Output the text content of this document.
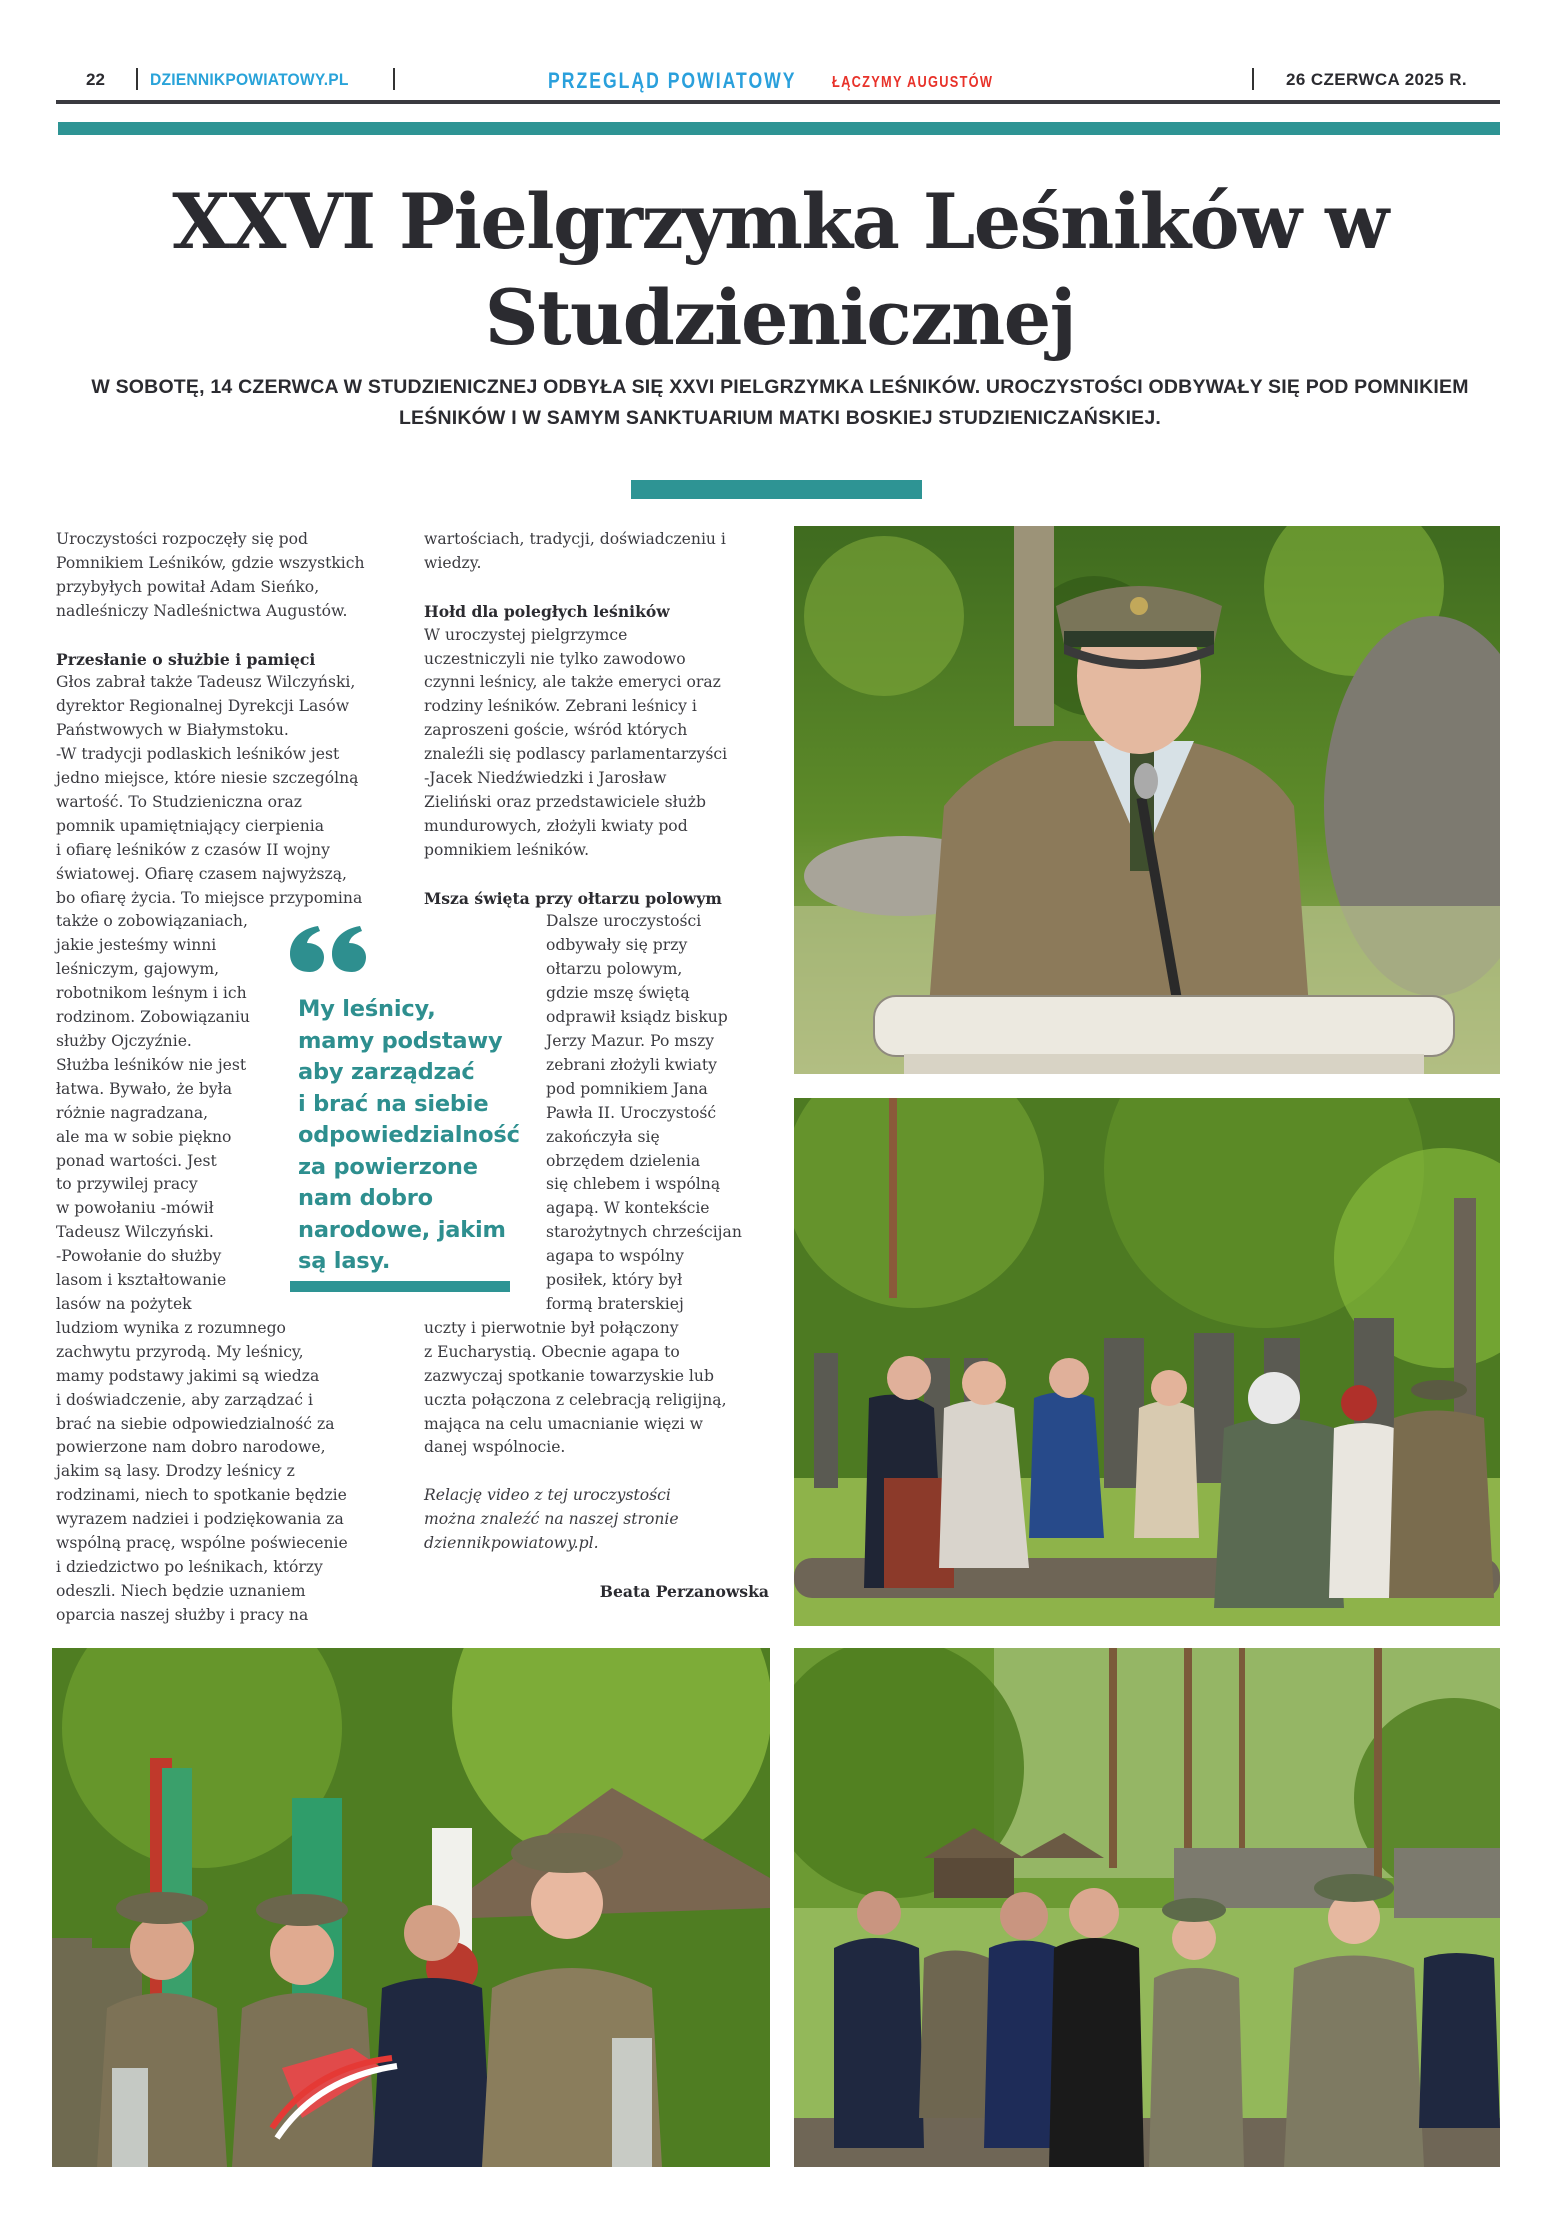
22	DZIENNIKPOWIATOWY.PL	PRZEGLĄD POWIATOWY ŁĄCZYMY AUGUSTÓW	26 CZERWCA 2025 R.
XXVI Pielgrzymka Leśników w
Studzienicznej
W SOBOTĘ, 14 CZERWCA W STUDZIENICZNEJ ODBYŁA SIĘ XXVI PIELGRZYMKA LEŚNIKÓW. UROCZYSTOŚCI ODBYWAŁY SIĘ POD POMNIKIEM
LEŚNIKÓW I W SAMYM SANKTUARIUM MATKI BOSKIEJ STUDZIENICZAŃSKIEJ.

Uroczystości rozpoczęły się pod

Pomnikiem Leśników, gdzie wszystkich

przybyłych powitał Adam Sieńko,

nadleśniczy Nadleśnictwa Augustów.

Przesłanie o służbie i pamięci

Głos zabrał także Tadeusz Wilczyński,

dyrektor Regionalnej Dyrekcji Lasów

Państwowych w Białymstoku.

-W tradycji podlaskich leśników jest

jedno miejsce, które niesie szczególną

wartość. To Studzieniczna oraz

pomnik upamiętniający cierpienia

i ofiarę leśników z czasów II wojny

światowej. Ofiarę czasem najwyższą,

bo ofiarę życia. To miejsce przypomina

także o zobowiązaniach,

jakie jesteśmy winni

leśniczym, gajowym,

robotnikom leśnym i ich

rodzinom. Zobowiązaniu

służby Ojczyźnie.

Służba leśników nie jest

łatwa. Bywało, że była

różnie nagradzana,

ale ma w sobie piękno

ponad wartości. Jest

to przywilej pracy

w powołaniu -mówił

Tadeusz Wilczyński.

-Powołanie do służby

lasom i kształtowanie

lasów na pożytek

ludziom wynika z rozumnego

zachwytu przyrodą. My leśnicy,

mamy podstawy jakimi są wiedza

i doświadczenie, aby zarządzać i

brać na siebie odpowiedzialność za

powierzone nam dobro narodowe,

jakim są lasy. Drodzy leśnicy z

rodzinami, niech to spotkanie będzie

wyrazem nadziei i podziękowania za

wspólną pracę, wspólne poświecenie

i dziedzictwo po leśnikach, którzy

odeszli. Niech będzie uznaniem

oparcia naszej służby i pracy na

wartościach, tradycji, doświadczeniu i

wiedzy.

Hołd dla poległych leśników

W uroczystej pielgrzymce

uczestniczyli nie tylko zawodowo

czynni leśnicy, ale także emeryci oraz

rodziny leśników. Zebrani leśnicy i

zaproszeni goście, wśród których

znaleźli się podlascy parlamentarzyści

-Jacek Niedźwiedzki i Jarosław

Zieliński oraz przedstawiciele służb

mundurowych, złożyli kwiaty pod

pomnikiem leśników.

Msza święta przy ołtarzu polowym

Dalsze uroczystości

odbywały się przy

ołtarzu polowym,

gdzie mszę świętą

odprawił ksiądz biskup

Jerzy Mazur. Po mszy

zebrani złożyli kwiaty

pod pomnikiem Jana

Pawła II. Uroczystość

zakończyła się

obrzędem dzielenia

się chlebem i wspólną

agapą. W kontekście

starożytnych chrześcijan

agapa to wspólny

posiłek, który był

formą braterskiej

uczty i pierwotnie był połączony

z Eucharystią. Obecnie agapa to

zazwyczaj spotkanie towarzyskie lub

uczta połączona z celebracją religijną,

mająca na celu umacnianie więzi w

danej wspólnocie.

Relację video z tej uroczystości

można znaleźć na naszej stronie

dziennikpowiatowy.pl.

Beata Perzanowska

My leśnicy,
mamy podstawy
aby zarządzać
i brać na siebie
odpowiedzialność
za powierzone
nam dobro
narodowe, jakim
są lasy.
